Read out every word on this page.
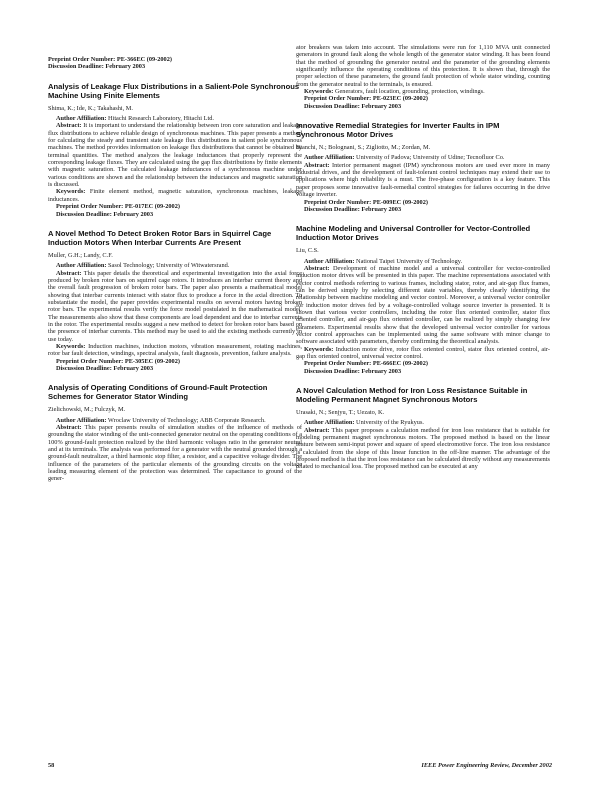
Preprint Order Number: PE-366EC (09-2002)

Discussion Deadline: February 2003

Analysis of Leakage Flux Distributions in a Salient-Pole Synchronous Machine Using Finite Elements

Shima, K.; Ide, K.; Takahashi, M.

Author Affiliation: Hitachi Research Laboratory, Hitachi Ltd.

Abstract: It is important to understand the relationship between iron core saturation and leakage flux distributions to achieve reliable design of synchronous machines. This paper presents a method for calculating the steady and transient state leakage flux distributions in salient pole synchronous machines. The method provides information on leakage flux distributions that cannot be obtained by terminal quantities. The method analyzes the leakage inductances that properly represent the corresponding leakage fluxes. They are calculated using the gap flux distributions by finite elements with magnetic saturation. The calculated leakage inductances of a synchronous machine under various conditions are shown and the relationship between the inductances and magnetic saturation is discussed.

Keywords: Finite element method, magnetic saturation, synchronous machines, leakage inductances.

Preprint Order Number: PE-017EC (09-2002)

Discussion Deadline: February 2003

A Novel Method To Detect Broken Rotor Bars in Squirrel Cage Induction Motors When Interbar Currents Are Present

Muller, G.H.; Landy, C.F.

Author Affiliation: Sasol Technology; University of Witwatersrand.

Abstract: This paper details the theoretical and experimental investigation into the axial force produced by broken rotor bars on squirrel cage rotors. It introduces an interbar current theory and the overall fault progression of broken rotor bars. The paper also presents a mathematical model showing that interbar currents interact with stator flux to produce a force in the axial direction. To substantiate the model, the paper provides experimental results on several motors having broken rotor bars. The experimental results verify the force model postulated in the mathematical model. The measurements also show that these components are load dependent and due to interbar currents in the rotor. The experimental results suggest a new method to detect for broken rotor bars based on the presence of interbar currents. This method may be used to aid the existing methods currently in use today.

Keywords: Induction machines, induction motors, vibration measurement, rotating machines, rotor bar fault detection, windings, spectral analysis, fault diagnosis, prevention, failure analysis.

Preprint Order Number: PE-305EC (09-2002)

Discussion Deadline: February 2003

Analysis of Operating Conditions of Ground-Fault Protection Schemes for Generator Stator Winding

Zielichowski, M.; Fulczyk, M.

Author Affiliation: Wroclaw University of Technology; ABB Corporate Research.

Abstract: This paper presents results of simulation studies of the influence of methods of grounding the stator winding of the unit-connected generator neutral on the operating conditions of a 100% ground-fault protection realized by the third harmonic voltages ratio in the generator neutral and at its terminals. The analysis was performed for a generator with the neutral grounded through a ground-fault neutralizer, a third harmonic stop filter, a resistor, and a capacitive voltage divider. The influence of the parameters of the particular elements of the grounding circuits on the voltage leading measuring element of the protection was determined. The capacitance to ground of the gener-

ator breakers was taken into account. The simulations were run for 1,110 MVA unit connected generators in ground fault along the whole length of the generator stator winding. It has been found that the method of grounding the generator neutral and the parameter of the grounding elements significantly influence the operating conditions of this protection. It is shown that, through the proper selection of these parameters, the ground fault protection of whole stator winding, counting from the generator neutral to the terminals, is ensured.

Keywords: Generators, fault location, grounding, protection, windings.

Preprint Order Number: PE-023EC (09-2002)

Discussion Deadline: February 2003

Innovative Remedial Strategies for Inverter Faults in IPM Synchronous Motor Drives

Bianchi, N.; Bolognani, S.; Zigliotto, M.; Zordan, M.

Author Affiliation: University of Padova; University of Udine; Tecnofluor Co.

Abstract: Interior permanent magnet (IPM) synchronous motors are used ever more in many industrial drives, and the development of fault-tolerant control techniques may extend their use to applications where high reliability is a must. The five-phase configuration is a key feature. This paper proposes some innovative fault-remedial control strategies for failures occurring in the drive voltage inverter.

Preprint Order Number: PE-009EC (09-2002)

Discussion Deadline: February 2003

Machine Modeling and Universal Controller for Vector-Controlled Induction Motor Drives

Liu, C.S.

Author Affiliation: National Taipei University of Technology.

Abstract: Development of machine model and a universal controller for vector-controlled induction motor drives will be presented in this paper. The machine representations associated with vector control methods referring to various frames, including stator, rotor, and air-gap flux frames, can be derived simply by selecting different state variables, thereby clearly identifying the relationship between machine modeling and vector control. Moreover, a universal vector controller for induction motor drives fed by a voltage-controlled voltage source inverter is presented. It is shown that various vector controllers, including the rotor flux oriented controller, stator flux oriented controller, and air-gap flux oriented controller, can be realized by simply changing few parameters. Experimental results show that the developed universal vector controller for various vector control approaches can be implemented using the same software with minor change to software associated with parameters, thereby confirming the theoretical analysis.

Keywords: Induction motor drive, rotor flux oriented control, stator flux oriented control, air-gap flux oriented control, universal vector control.

Preprint Order Number: PE-666EC (09-2002)

Discussion Deadline: February 2003

A Novel Calculation Method for Iron Loss Resistance Suitable in Modeling Permanent Magnet Synchronous Motors

Urasaki, N.; Senjyu, T.; Uezato, K.

Author Affiliation: University of the Ryukyus.

Abstract: This paper proposes a calculation method for iron loss resistance that is suitable for modeling permanent magnet synchronous motors. The proposed method is based on the linear feature between semi-input power and square of speed electromotive force. The iron loss resistance is calculated from the slope of this linear function in the off-line manner. The advantage of the proposed method is that the iron loss resistance can be calculated directly without any measurements related to mechanical loss. The proposed method can be executed at any

58	IEEE Power Engineering Review, December 2002
